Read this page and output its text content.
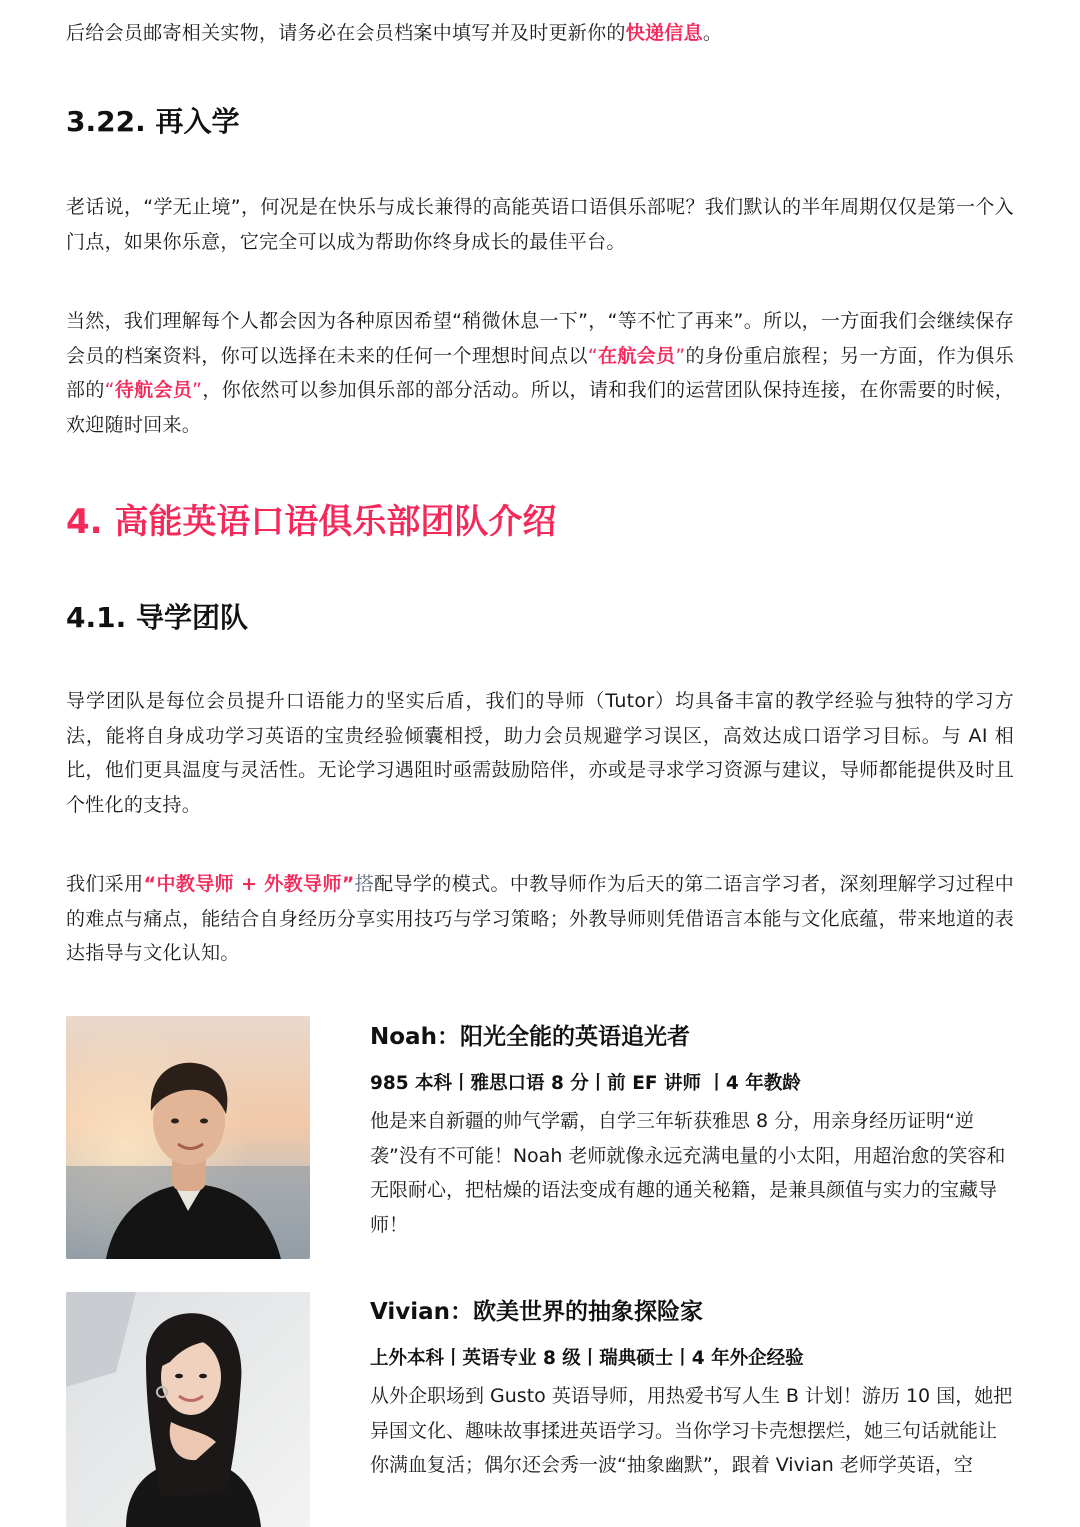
后给会员邮寄相关实物，请务必在会员档案中填写并及时更新你的快递信息。

3.22. 再入学

老话说，“学无止境”，何况是在快乐与成长兼得的高能英语口语俱乐部呢？我们默认的半年周期仅仅是第一个入门点，如果你乐意，它完全可以成为帮助你终身成长的最佳平台。

当然，我们理解每个人都会因为各种原因希望“稍微休息一下”，“等不忙了再来”。所以，一方面我们会继续保存会员的档案资料，你可以选择在未来的任何一个理想时间点以“在航会员”的身份重启旅程；另一方面，作为俱乐部的“待航会员”，你依然可以参加俱乐部的部分活动。所以，请和我们的运营团队保持连接，在你需要的时候，欢迎随时回来。

4. 高能英语口语俱乐部团队介绍
4.1. 导学团队

导学团队是每位会员提升口语能力的坚实后盾，我们的导师（Tutor）均具备丰富的教学经验与独特的学习方法，能将自身成功学习英语的宝贵经验倾囊相授，助力会员规避学习误区，高效达成口语学习目标。与 AI 相比，他们更具温度与灵活性。无论学习遇阻时亟需鼓励陪伴，亦或是寻求学习资源与建议，导师都能提供及时且个性化的支持。

我们采用“中教导师 + 外教导师”搭配导学的模式。中教导师作为后天的第二语言学习者，深刻理解学习过程中的难点与痛点，能结合自身经历分享实用技巧与学习策略；外教导师则凭借语言本能与文化底蕴，带来地道的表达指导与文化认知。

Noah：阳光全能的英语追光者
985 本科丨雅思口语 8 分丨前 EF 讲师 丨4 年教龄
他是来自新疆的帅气学霸，自学三年斩获雅思 8 分，用亲身经历证明“逆袭”没有不可能！Noah 老师就像永远充满电量的小太阳，用超治愈的笑容和无限耐心，把枯燥的语法变成有趣的通关秘籍，是兼具颜值与实力的宝藏导师！
Vivian：欧美世界的抽象探险家
上外本科丨英语专业 8 级丨瑞典硕士丨4 年外企经验
从外企职场到 Gusto 英语导师，用热爱书写人生 B 计划！游历 10 国，她把异国文化、趣味故事揉进英语学习。当你学习卡壳想摆烂，她三句话就能让你满血复活；偶尔还会秀一波“抽象幽默”，跟着 Vivian 老师学英语，空
